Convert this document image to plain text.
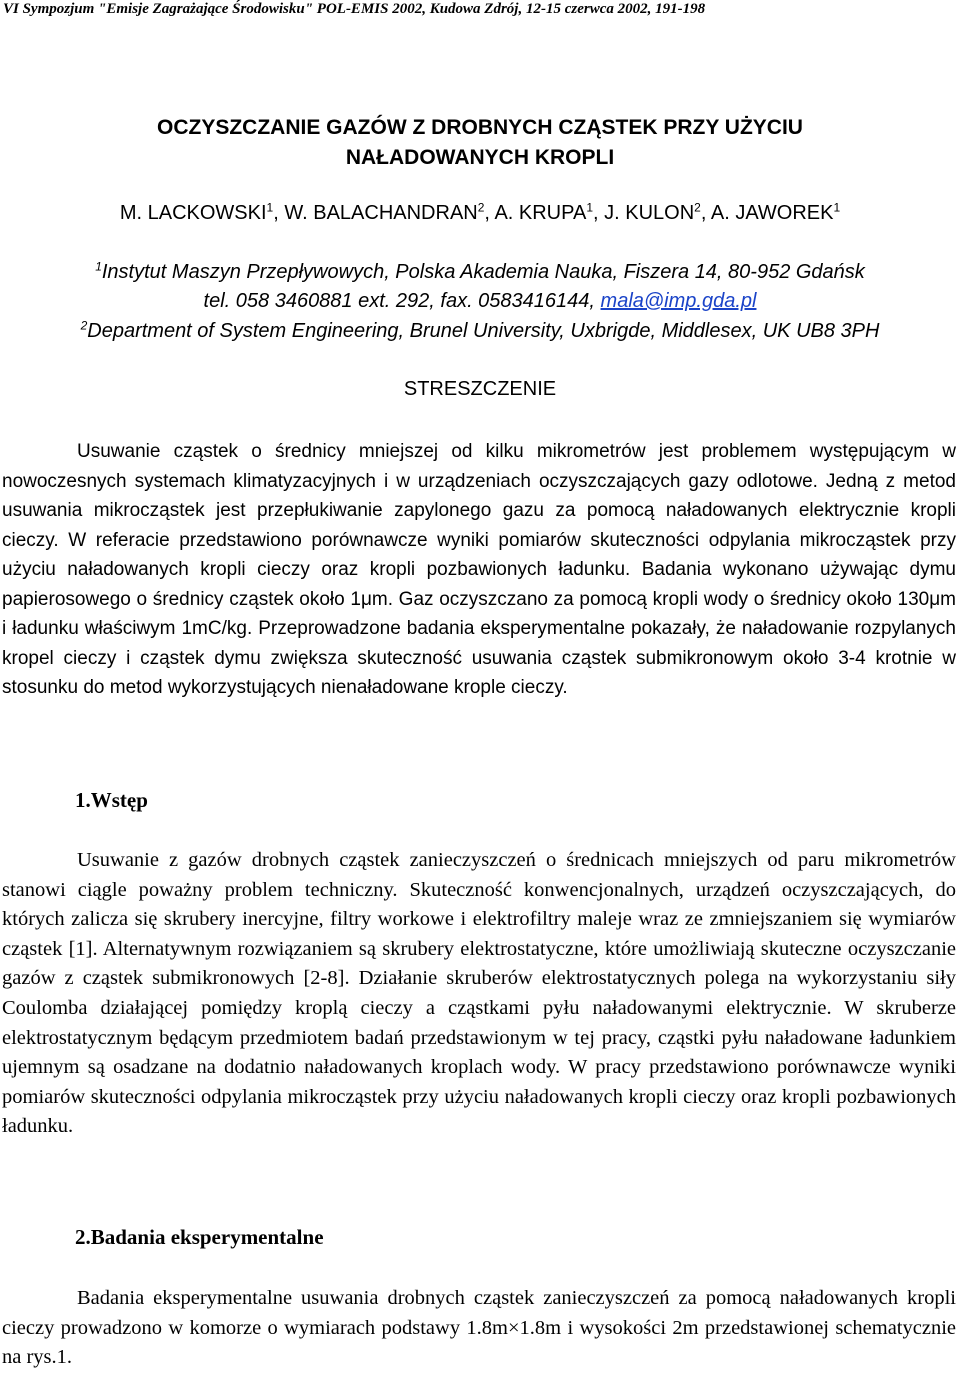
VI Sympozjum "Emisje Zagrażające Środowisku" POL-EMIS 2002, Kudowa Zdrój, 12-15 czerwca 2002, 191-198
OCZYSZCZANIE GAZÓW Z DROBNYCH CZĄSTEK PRZY UŻYCIU
NAŁADOWANYCH KROPLI
M. LACKOWSKI$^1$, W. BALACHANDRAN$^2$, A. KRUPA$^1$, J. KULON$^2$, A. JAWOREK$^1$
$^1$Instytut Maszyn Przepływowych, Polska Akademia Nauka, Fiszera 14, 80-952 Gdańsk
tel. 058 3460881 ext. 292, fax. 0583416144, mala@imp.gda.pl
$^2$Department of System Engineering, Brunel University, Uxbrigde, Middlesex, UK UB8 3PH
STRESZCZENIE
Usuwanie cząstek o średnicy mniejszej od kilku mikrometrów jest problemem występującym w nowoczesnych systemach klimatyzacyjnych i w urządzeniach oczyszczających gazy odlotowe. Jedną z metod usuwania mikrocząstek jest przepłukiwanie zapylonego gazu za pomocą naładowanych elektrycznie kropli cieczy. W referacie przedstawiono porównawcze wyniki pomiarów skuteczności odpylania mikrocząstek przy użyciu naładowanych kropli cieczy oraz kropli pozbawionych ładunku. Badania wykonano używając dymu papierosowego o średnicy cząstek około 1μm. Gaz oczyszczano za pomocą kropli wody o średnicy około 130μm i ładunku właściwym 1mC/kg. Przeprowadzone badania eksperymentalne pokazały, że naładowanie rozpylanych kropel cieczy i cząstek dymu zwiększa skuteczność usuwania cząstek submikronowym około 3-4 krotnie w stosunku do metod wykorzystujących nienaładowane krople cieczy.
1.Wstęp
Usuwanie z gazów drobnych cząstek zanieczyszczeń o średnicach mniejszych od paru mikrometrów stanowi ciągle poważny problem techniczny. Skuteczność konwencjonalnych, urządzeń oczyszczających, do których zalicza się skrubery inercyjne, filtry workowe i elektrofiltry maleje wraz ze zmniejszaniem się wymiarów cząstek [1]. Alternatywnym rozwiązaniem są skrubery elektrostatyczne, które umożliwiają skuteczne oczyszczanie gazów z cząstek submikronowych [2-8]. Działanie skruberów elektrostatycznych polega na wykorzystaniu siły Coulomba działającej pomiędzy kroplą cieczy a cząstkami pyłu naładowanymi elektrycznie. W skruberze elektrostatycznym będącym przedmiotem badań przedstawionym w tej pracy, cząstki pyłu naładowane ładunkiem ujemnym są osadzane na dodatnio naładowanych kroplach wody. W pracy przedstawiono porównawcze wyniki pomiarów skuteczności odpylania mikrocząstek przy użyciu naładowanych kropli cieczy oraz kropli pozbawionych ładunku.
2.Badania eksperymentalne
Badania eksperymentalne usuwania drobnych cząstek zanieczyszczeń za pomocą naładowanych kropli cieczy prowadzono w komorze o wymiarach podstawy 1.8m×1.8m i wysokości 2m przedstawionej schematycznie na rys.1.
